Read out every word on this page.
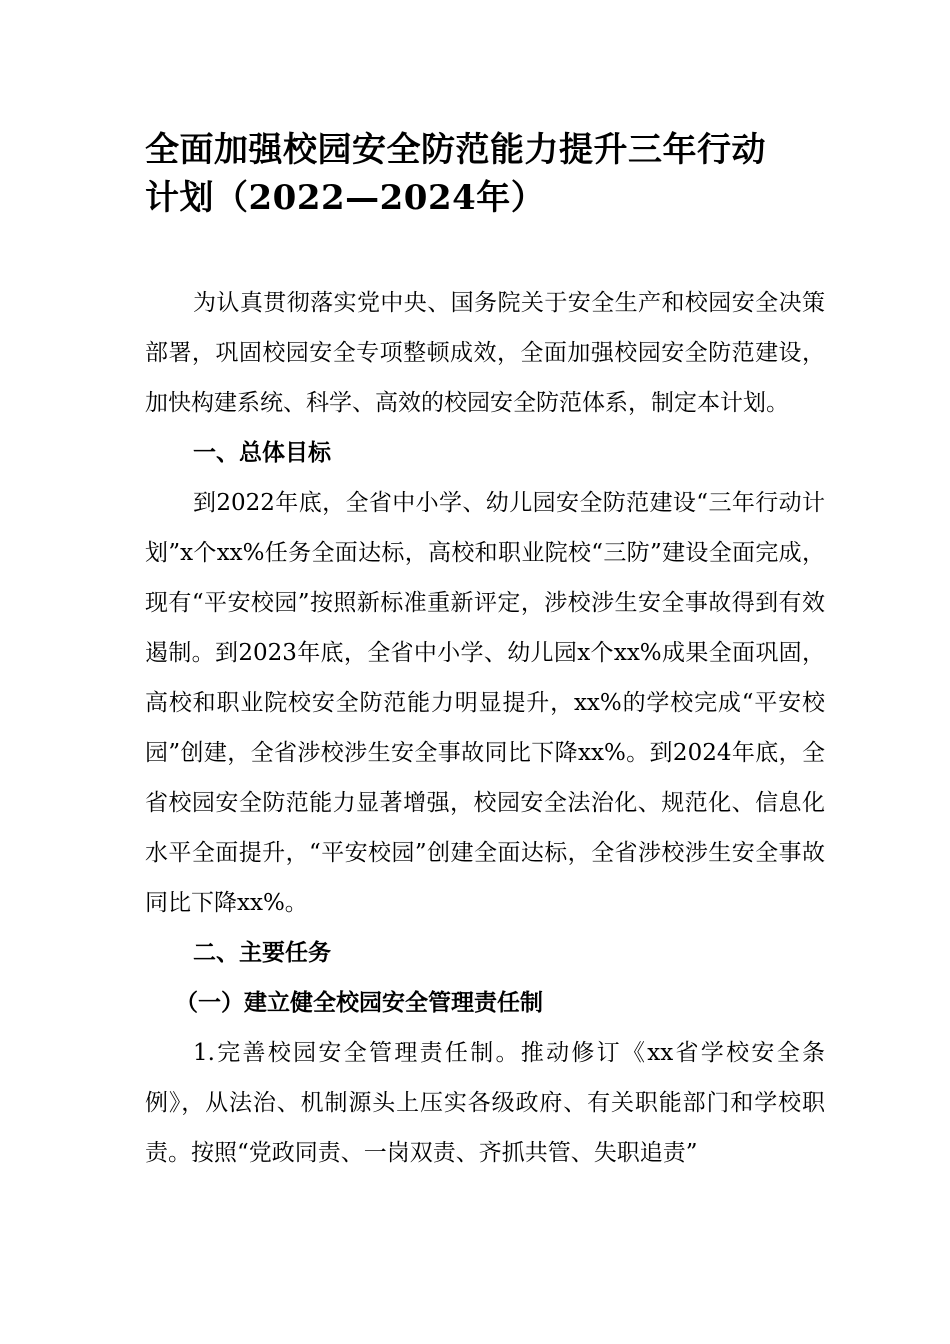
全面加强校园安全防范能力提升三年行动
计划（2022—2024年）

为认真贯彻落实党中央、国务院关于安全生产和校园安全决策部署，巩固校园安全专项整顿成效，全面加强校园安全防范建设，加快构建系统、科学、高效的校园安全防范体系，制定本计划。

一、总体目标

到2022年底，全省中小学、幼儿园安全防范建设“三年行动计划”x个xx%任务全面达标，高校和职业院校“三防”建设全面完成，现有“平安校园”按照新标准重新评定，涉校涉生安全事故得到有效遏制。到2023年底，全省中小学、幼儿园x个xx%成果全面巩固，高校和职业院校安全防范能力明显提升，xx%的学校完成“平安校园”创建，全省涉校涉生安全事故同比下降xx%。到2024年底，全省校园安全防范能力显著增强，校园安全法治化、规范化、信息化水平全面提升，“平安校园”创建全面达标，全省涉校涉生安全事故同比下降xx%。

二、主要任务

（一）建立健全校园安全管理责任制

1.完善校园安全管理责任制。推动修订《xx省学校安全条例》，从法治、机制源头上压实各级政府、有关职能部门和学校职责。按照“党政同责、一岗双责、齐抓共管、失职追责”
